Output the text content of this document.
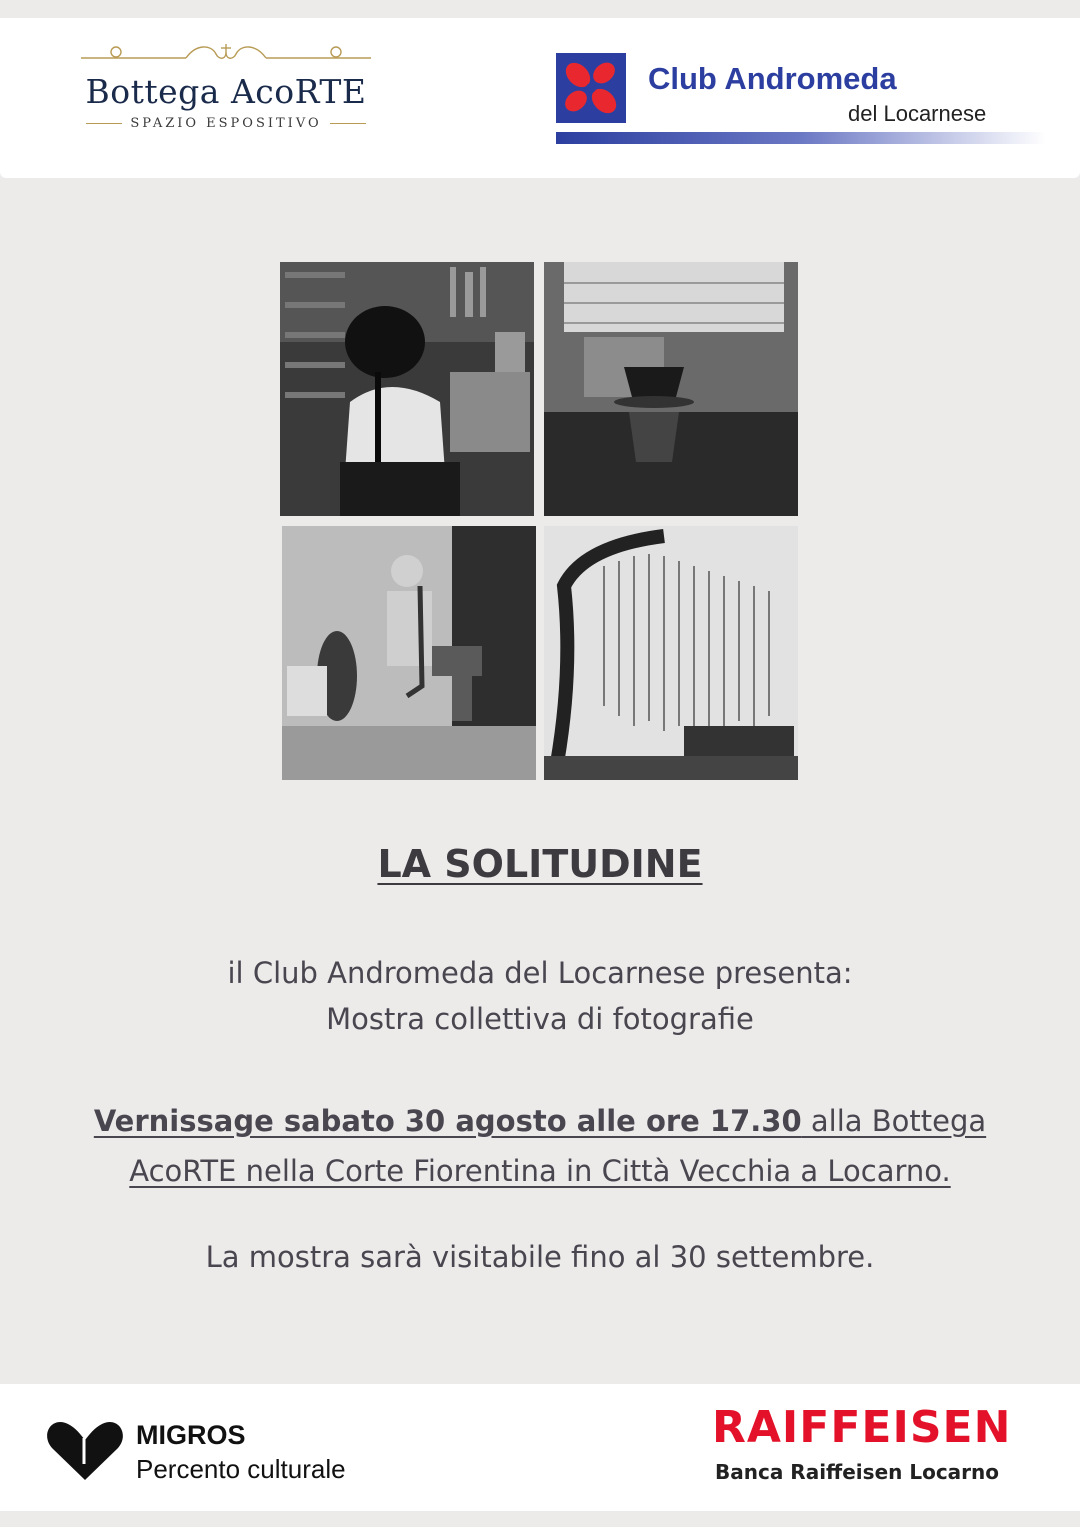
Bottega AcoRTE
SPAZIO ESPOSITIVO
Club Andromeda
del Locarnese
LA SOLITUDINE
il Club Andromeda del Locarnese presenta:
Mostra collettiva di fotografie
Vernissage sabato 30 agosto alle ore 17.30 alla Bottega
AcoRTE nella Corte Fiorentina in Città Vecchia a Locarno.
La mostra sarà visitabile fino al 30 settembre.
MIGROS
Percento culturale
RAIFFEISEN
Banca Raiffeisen Locarno
